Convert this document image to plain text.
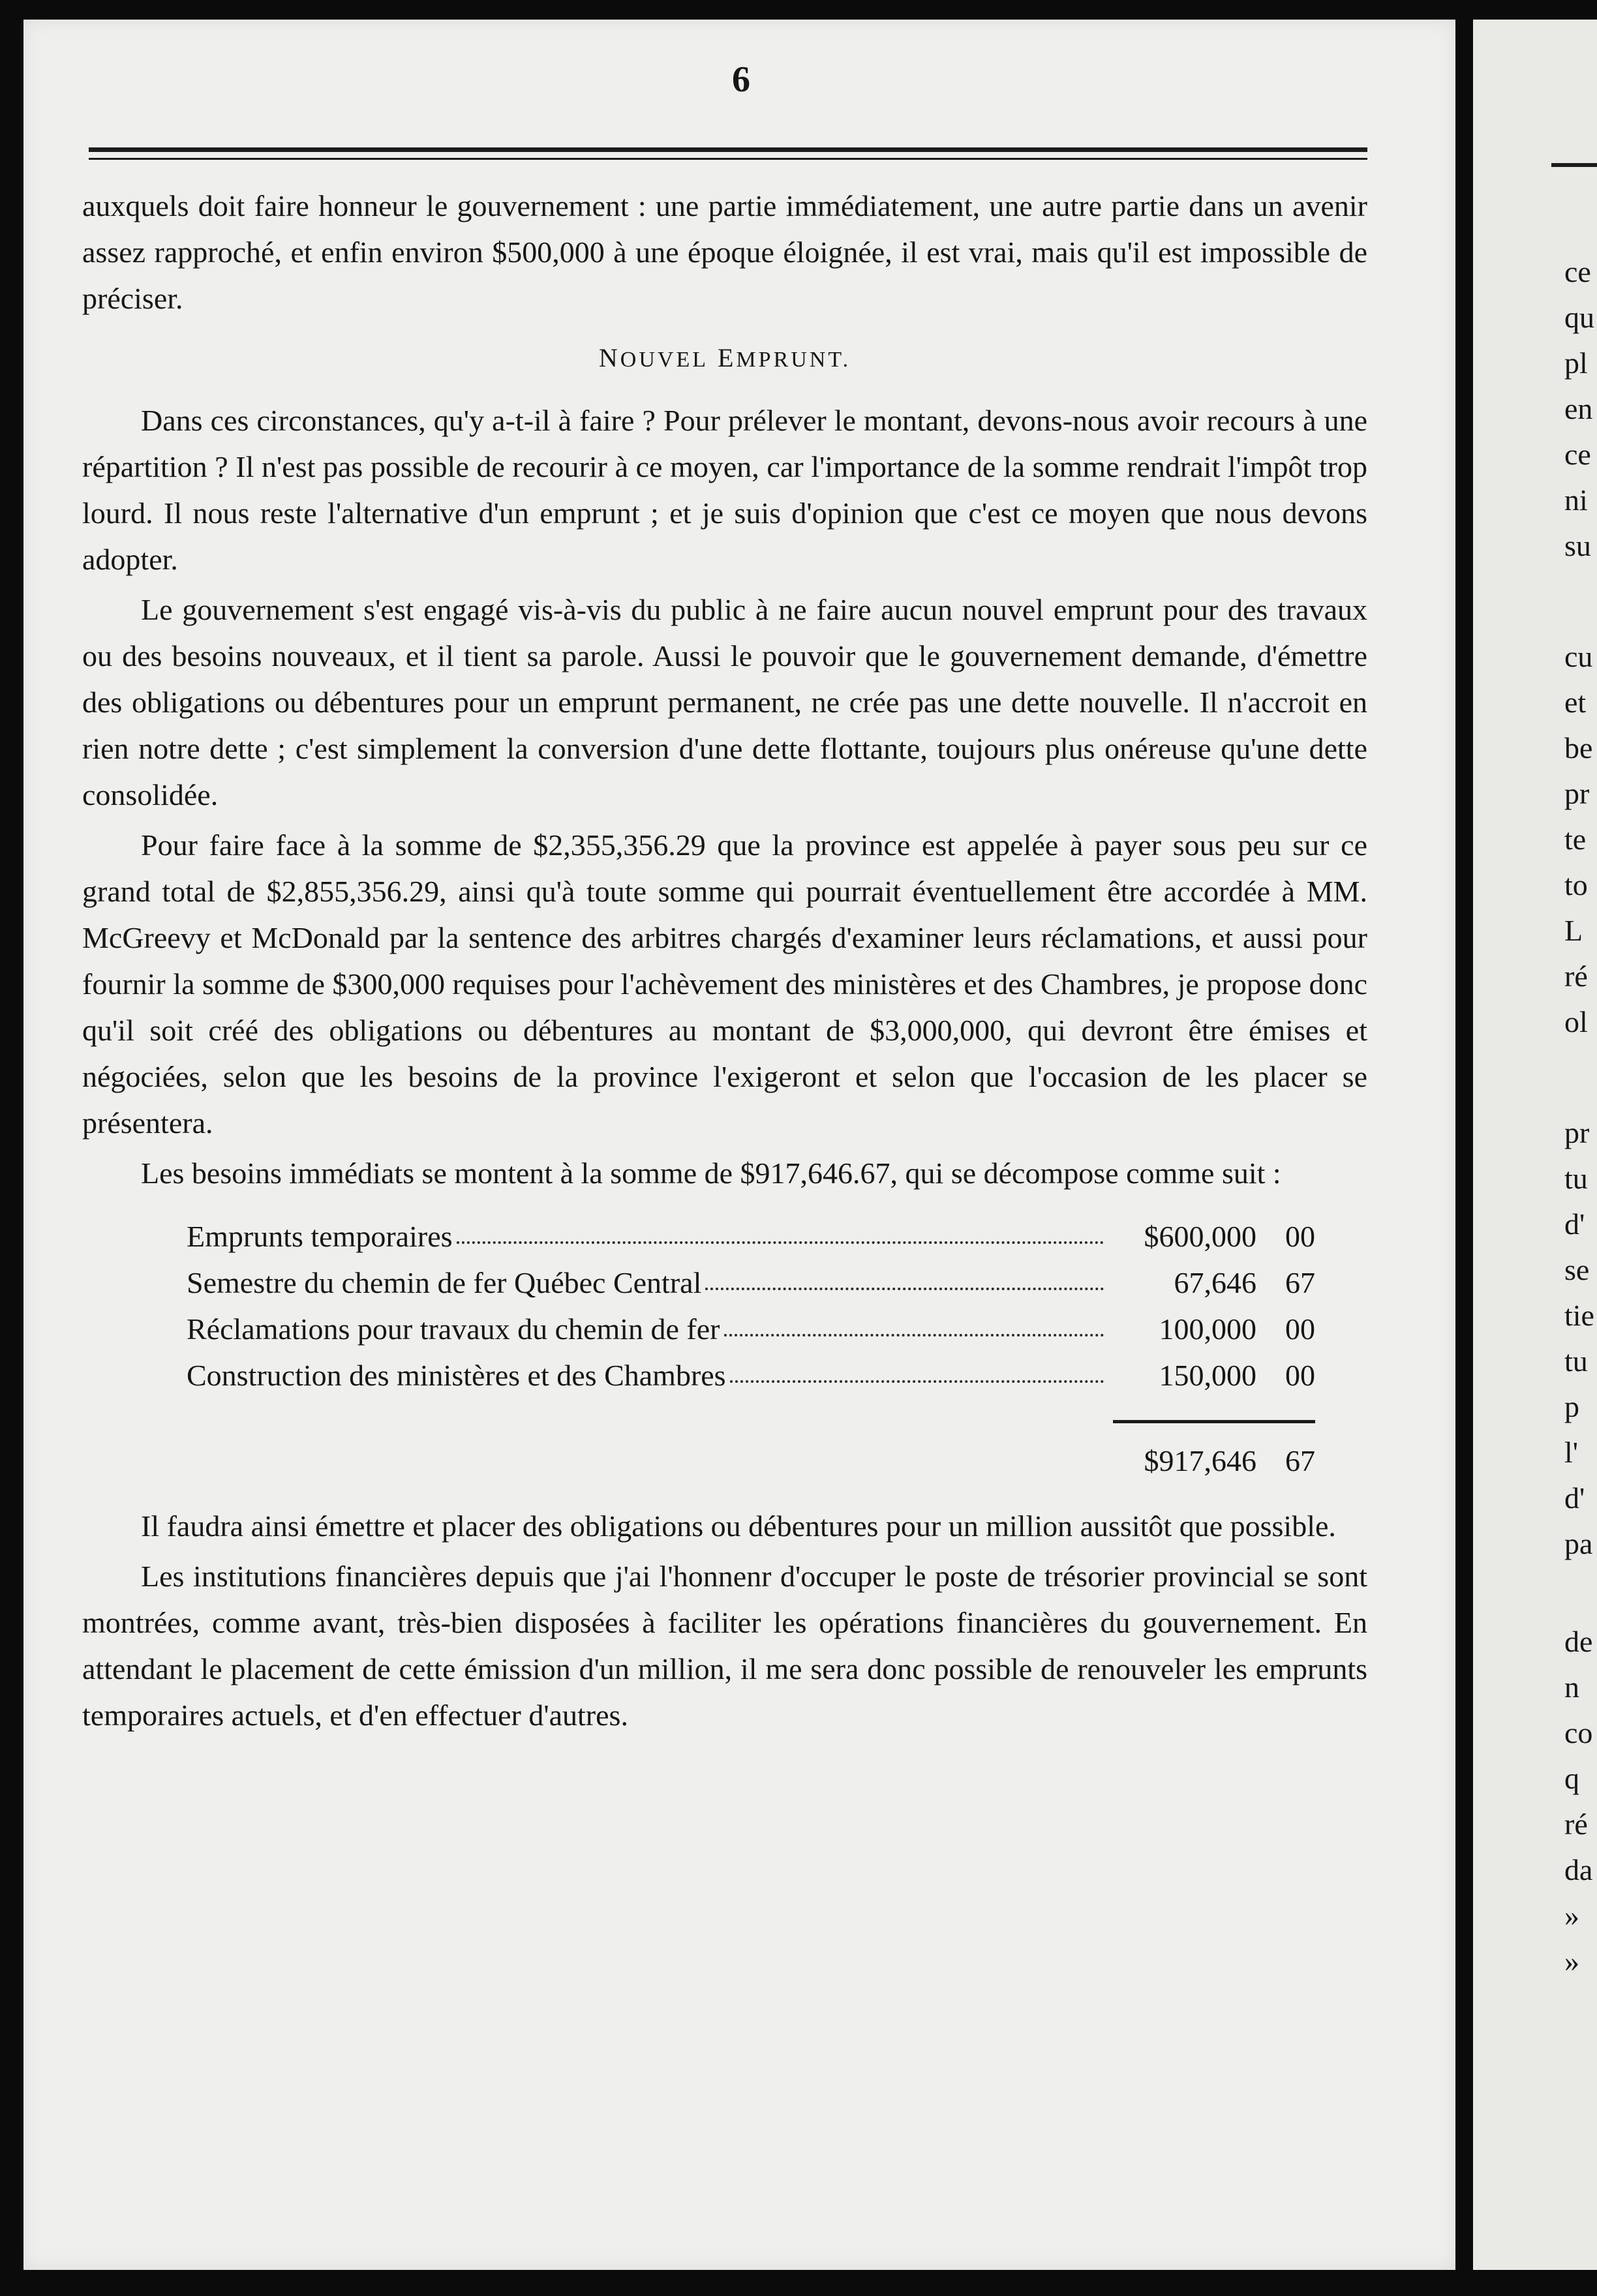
6

auxquels doit faire honneur le gouvernement : une partie immédiatement, une autre partie dans un avenir assez rapproché, et enfin environ $500,000 à une époque éloignée, il est vrai, mais qu'il est impossible de préciser.

NOUVEL EMPRUNT.

Dans ces circonstances, qu'y a-t-il à faire ? Pour prélever le montant, devons-nous avoir recours à une répartition ? Il n'est pas possible de recourir à ce moyen, car l'importance de la somme rendrait l'impôt trop lourd. Il nous reste l'alternative d'un emprunt ; et je suis d'opinion que c'est ce moyen que nous devons adopter.

Le gouvernement s'est engagé vis-à-vis du public à ne faire aucun nouvel emprunt pour des travaux ou des besoins nouveaux, et il tient sa parole. Aussi le pouvoir que le gouvernement demande, d'émettre des obligations ou débentures pour un emprunt permanent, ne crée pas une dette nouvelle. Il n'accroit en rien notre dette ; c'est simplement la conversion d'une dette flottante, toujours plus onéreuse qu'une dette consolidée.

Pour faire face à la somme de $2,355,356.29 que la province est appelée à payer sous peu sur ce grand total de $2,855,356.29, ainsi qu'à toute somme qui pourrait éventuellement être accordée à MM. McGreevy et McDonald par la sentence des arbitres chargés d'examiner leurs réclamations, et aussi pour fournir la somme de $300,000 requises pour l'achèvement des ministères et des Chambres, je propose donc qu'il soit créé des obligations ou débentures au montant de $3,000,000, qui devront être émises et négociées, selon que les besoins de la province l'exigeront et selon que l'occasion de les placer se présentera.

Les besoins immédiats se montent à la somme de $917,646.67, qui se décompose comme suit :

Emprunts temporaires	$600,000	00

Semestre du chemin de fer Québec Central	67,646	67

Réclamations pour travaux du chemin de fer	100,000	00

Construction des ministères et des Chambres	150,000	00

	$917,646	67

Il faudra ainsi émettre et placer des obligations ou débentures pour un million aussitôt que possible.

Les institutions financières depuis que j'ai l'honnenr d'occuper le poste de trésorier provincial se sont montrées, comme avant, très-bien disposées à faciliter les opérations financières du gouvernement. En attendant le placement de cette émission d'un million, il me sera donc possible de renouveler les emprunts temporaires actuels, et d'en effectuer d'autres.

ce
qu
pl
en
ce
ni
su
cu
et
be
pr
te
to
L
ré
ol
pr
tu
d'
se
tie
tu
p
l'
d'
pa
de
n
co
q
ré
da
»
»
